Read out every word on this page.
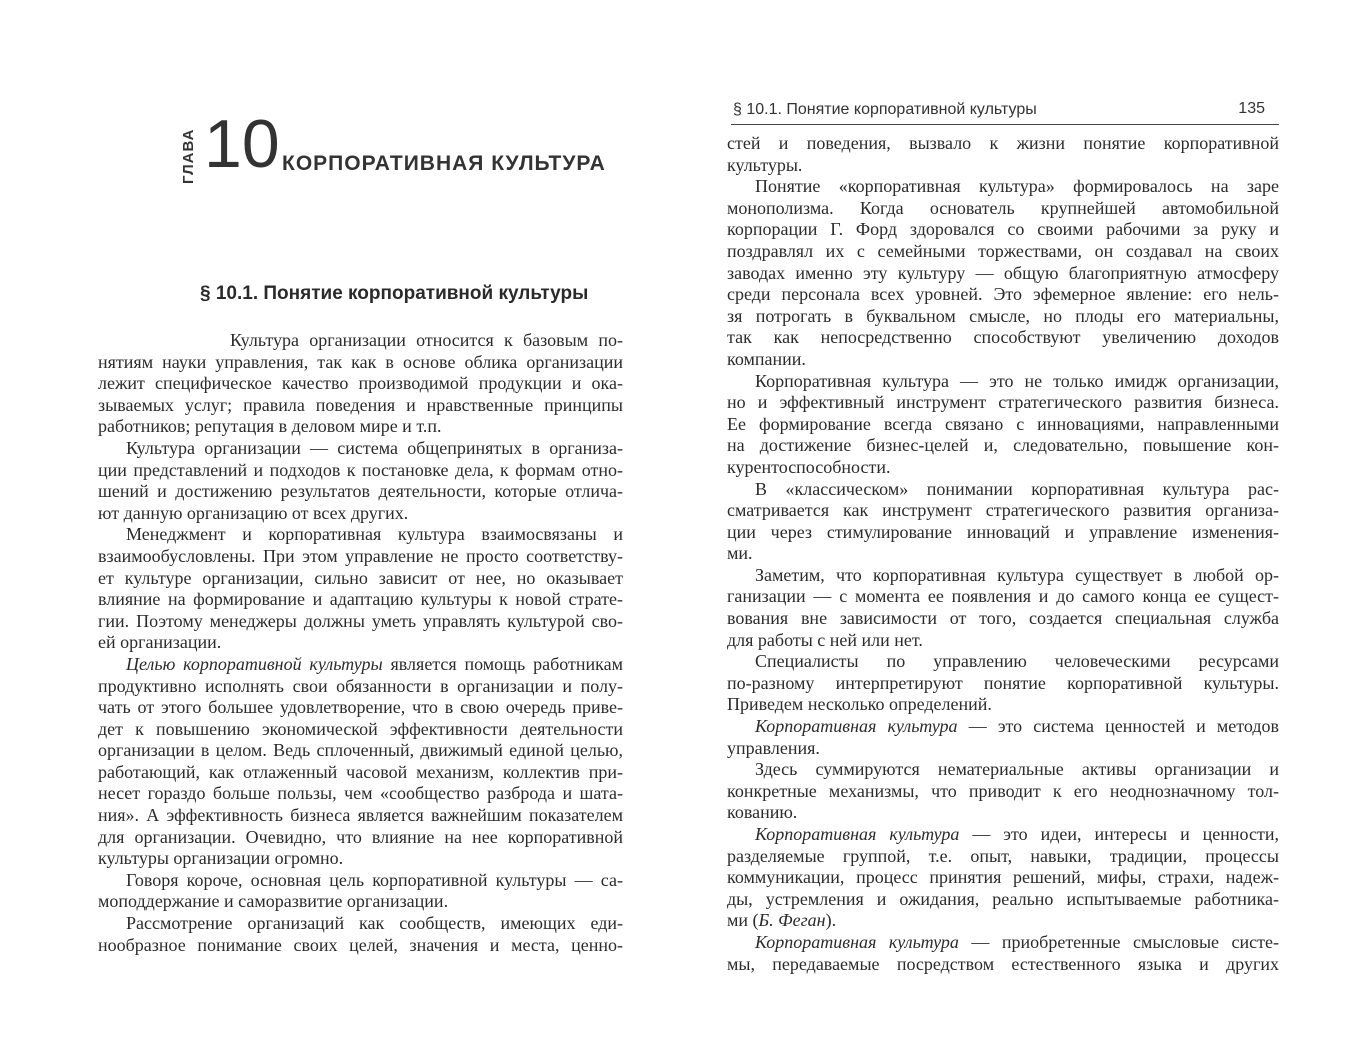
ГЛАВА 10 КОРПОРАТИВНАЯ КУЛЬТУРА
§ 10.1. Понятие корпоративной культуры
Культура организации относится к базовым по-
нятиям науки управления, так как в основе облика организации
лежит специфическое качество производимой продукции и ока-
зываемых услуг; правила поведения и нравственные принципы
работников; репутация в деловом мире и т.п.
Культура организации — система общепринятых в организа-
ции представлений и подходов к постановке дела, к формам отно-
шений и достижению результатов деятельности, которые отлича-
ют данную организацию от всех других.
Менеджмент и корпоративная культура взаимосвязаны и
взаимообусловлены. При этом управление не просто соответству-
ет культуре организации, сильно зависит от нее, но оказывает
влияние на формирование и адаптацию культуры к новой страте-
гии. Поэтому менеджеры должны уметь управлять культурой сво-
ей организации.
Целью корпоративной культуры является помощь работникам
продуктивно исполнять свои обязанности в организации и полу-
чать от этого большее удовлетворение, что в свою очередь приве-
дет к повышению экономической эффективности деятельности
организации в целом. Ведь сплоченный, движимый единой целью,
работающий, как отлаженный часовой механизм, коллектив при-
несет гораздо больше пользы, чем «сообщество разброда и шата-
ния». А эффективность бизнеса является важнейшим показателем
для организации. Очевидно, что влияние на нее корпоративной
культуры организации огромно.
Говоря короче, основная цель корпоративной культуры — са-
моподдержание и саморазвитие организации.
Рассмотрение организаций как сообществ, имеющих еди-
нообразное понимание своих целей, значения и места, ценно-
§ 10.1. Понятие корпоративной культуры	135
стей и поведения, вызвало к жизни понятие корпоративной
культуры.
Понятие «корпоративная культура» формировалось на заре
монополизма. Когда основатель крупнейшей автомобильной
корпорации Г. Форд здоровался со своими рабочими за руку и
поздравлял их с семейными торжествами, он создавал на своих
заводах именно эту культуру — общую благоприятную атмосферу
среди персонала всех уровней. Это эфемерное явление: его нель-
зя потрогать в буквальном смысле, но плоды его материальны,
так как непосредственно способствуют увеличению доходов
компании.
Корпоративная культура — это не только имидж организации,
но и эффективный инструмент стратегического развития бизнеса.
Ее формирование всегда связано с инновациями, направленными
на достижение бизнес-целей и, следовательно, повышение кон-
курентоспособности.
В «классическом» понимании корпоративная культура рас-
сматривается как инструмент стратегического развития организа-
ции через стимулирование инноваций и управление изменения-
ми.
Заметим, что корпоративная культура существует в любой ор-
ганизации — с момента ее появления и до самого конца ее сущест-
вования вне зависимости от того, создается специальная служба
для работы с ней или нет.
Специалисты по управлению человеческими ресурсами
по-разному интерпретируют понятие корпоративной культуры.
Приведем несколько определений.
Корпоративная культура — это система ценностей и методов
управления.
Здесь суммируются нематериальные активы организации и
конкретные механизмы, что приводит к его неоднозначному тол-
кованию.
Корпоративная культура — это идеи, интересы и ценности,
разделяемые группой, т.е. опыт, навыки, традиции, процессы
коммуникации, процесс принятия решений, мифы, страхи, надеж-
ды, устремления и ожидания, реально испытываемые работника-
ми (Б. Феган).
Корпоративная культура — приобретенные смысловые систе-
мы, передаваемые посредством естественного языка и других
